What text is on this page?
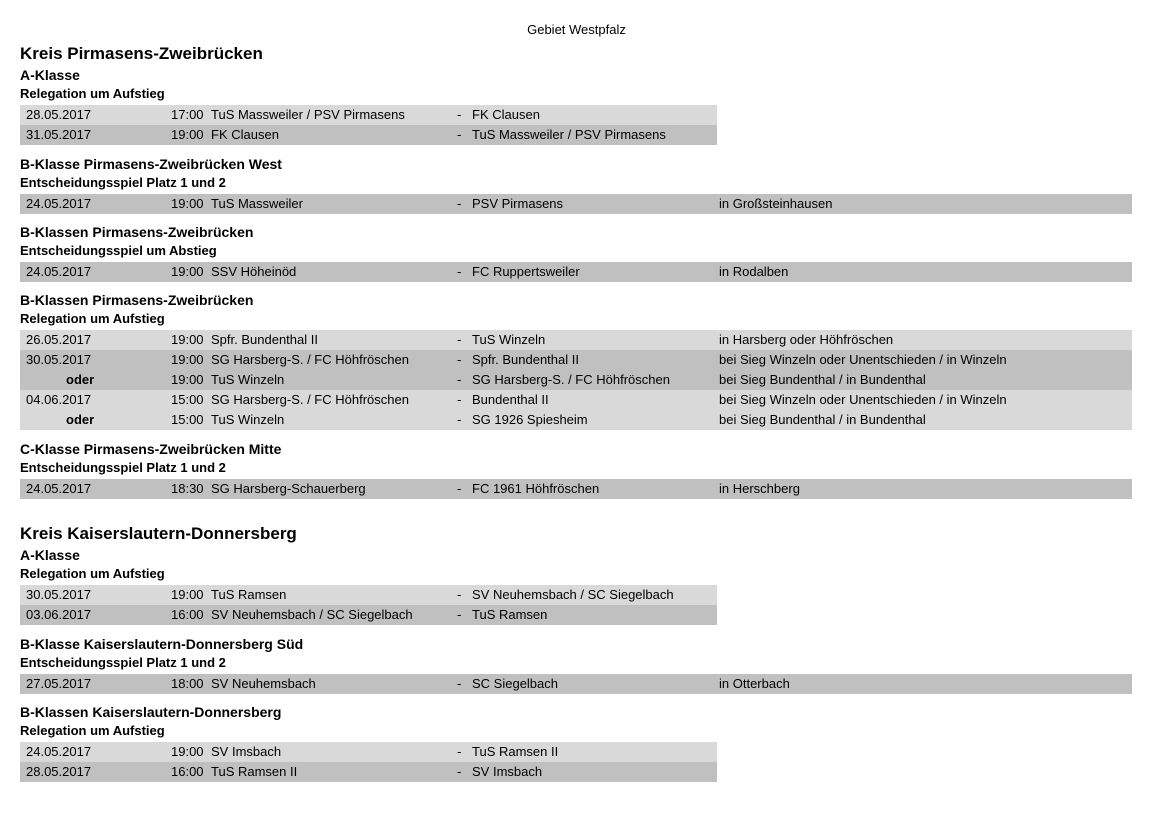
Gebiet Westpfalz
Kreis Pirmasens-Zweibrücken
A-Klasse
Relegation um Aufstieg
28.05.2017	17:00 TuS Massweiler / PSV Pirmasens	- FK Clausen
31.05.2017	19:00 FK Clausen	- TuS Massweiler / PSV Pirmasens
B-Klasse Pirmasens-Zweibrücken West
Entscheidungsspiel Platz 1 und 2
24.05.2017	19:00 TuS Massweiler	- PSV Pirmasens	in Großsteinhausen
B-Klassen Pirmasens-Zweibrücken
Entscheidungsspiel um Abstieg
24.05.2017	19:00 SSV Höheinöd	- FC Ruppertsweiler	in Rodalben
B-Klassen Pirmasens-Zweibrücken
Relegation um Aufstieg
26.05.2017	19:00 Spfr. Bundenthal II	- TuS Winzeln	in Harsberg oder Höhfröschen
30.05.2017	19:00 SG Harsberg-S. / FC Höhfröschen	- Spfr. Bundenthal II	bei Sieg Winzeln oder Unentschieden / in Winzeln
oder	19:00 TuS Winzeln	- SG Harsberg-S. / FC Höhfröschen	bei Sieg Bundenthal / in Bundenthal
04.06.2017	15:00 SG Harsberg-S. / FC Höhfröschen	- Bundenthal II	bei Sieg Winzeln oder Unentschieden / in Winzeln
oder	15:00 TuS Winzeln	- SG 1926 Spiesheim	bei Sieg Bundenthal / in Bundenthal
C-Klasse Pirmasens-Zweibrücken Mitte
Entscheidungsspiel Platz 1 und 2
24.05.2017	18:30 SG Harsberg-Schauerberg	- FC 1961 Höhfröschen	in Herschberg
Kreis Kaiserslautern-Donnersberg
A-Klasse
Relegation um Aufstieg
30.05.2017	19:00 TuS Ramsen	- SV Neuhemsbach / SC Siegelbach
03.06.2017	16:00 SV Neuhemsbach / SC Siegelbach	- TuS Ramsen
B-Klasse Kaiserslautern-Donnersberg Süd
Entscheidungsspiel Platz 1 und 2
27.05.2017	18:00 SV Neuhemsbach	- SC Siegelbach	in Otterbach
B-Klassen Kaiserslautern-Donnersberg
Relegation um Aufstieg
24.05.2017	19:00 SV Imsbach	- TuS Ramsen II
28.05.2017	16:00 TuS Ramsen II	- SV Imsbach
